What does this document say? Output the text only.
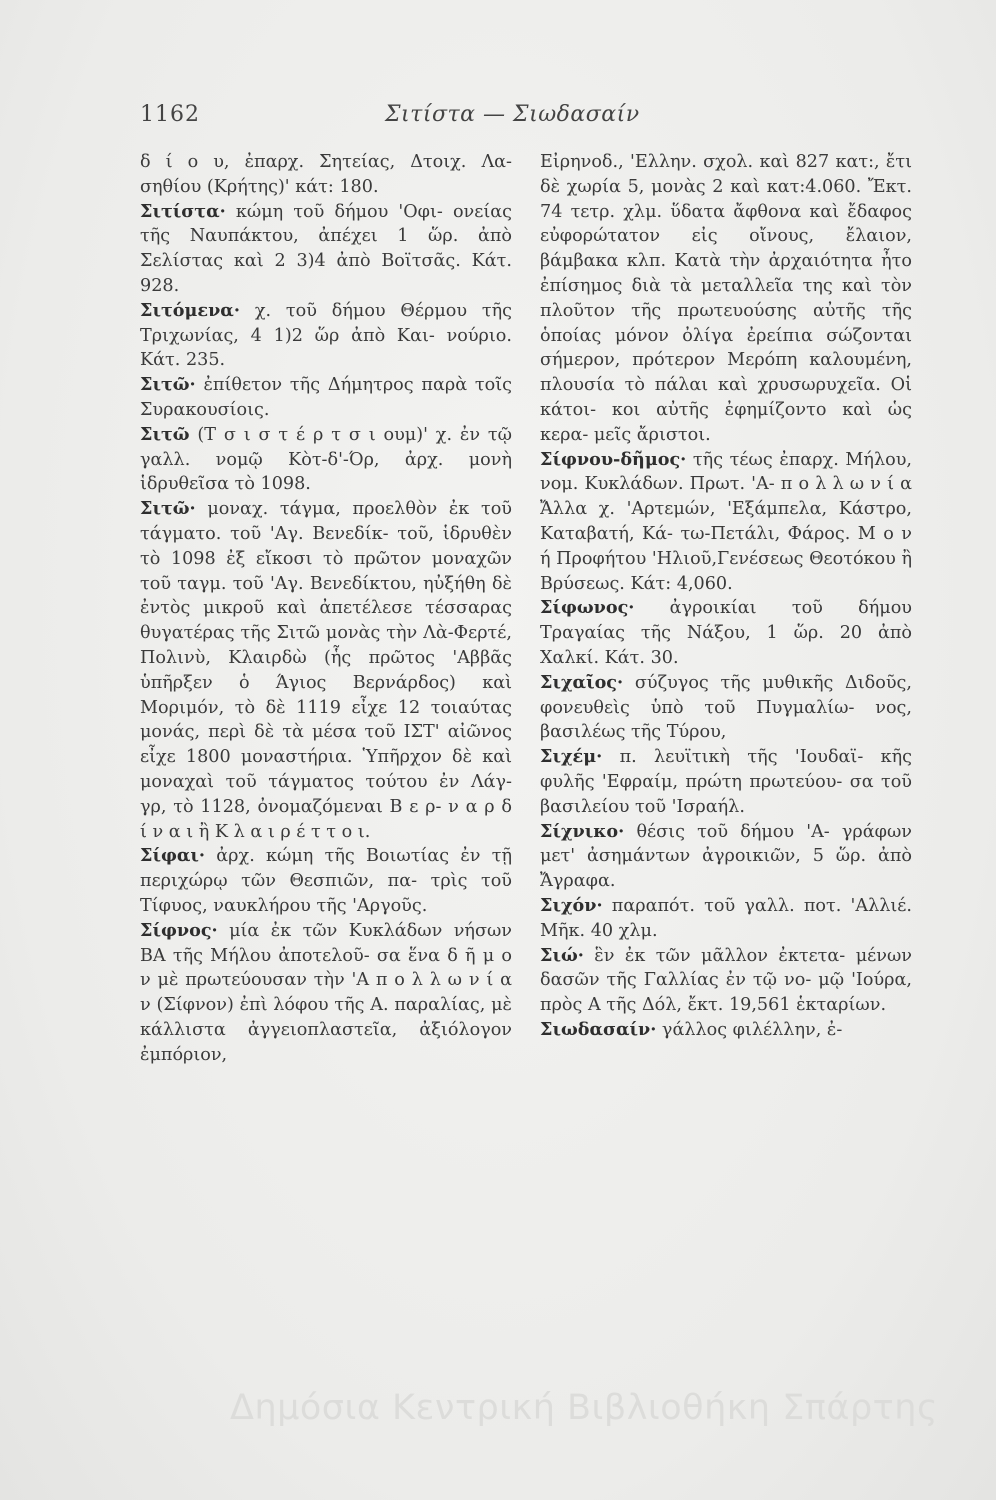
1162	Σιτίστα — Σιωδασαίν

δ ί ο υ, ἐπαρχ. Σητείας, Δτοιχ. Λα- σηθίου (Κρήτης)' κάτ: 180.

Σιτίστα· κώμη τοῦ δήμου 'Οφι- ονείας τῆς Ναυπάκτου, ἀπέχει 1 ὥρ. ἀπὸ Σελίστας καὶ 2 3)4 ἀπὸ Βοϊτσᾶς. Κάτ. 928.

Σιτόμενα· χ. τοῦ δήμου Θέρμου τῆς Τριχωνίας, 4 1)2 ὥρ ἀπὸ Και- νούριο. Κάτ. 235.

Σιτῶ· ἐπίθετον τῆς Δήμητρος παρὰ τοῖς Συρακουσίοις.

Σιτῶ (Τ σ ι σ τ έ ρ τ σ ι ουμ)' χ. ἐν τῷ γαλλ. νομῷ Κὸτ-δ'-Όρ, ἀρχ. μονὴ ἱδρυθεῖσα τὸ 1098.

Σιτῶ· μοναχ. τάγμα, προελθὸν ἐκ τοῦ τάγματο. τοῦ 'Αγ. Βενεδίκ- τοῦ, ἱδρυθὲν τὸ 1098 ἐξ εἴκοσι τὸ πρῶτον μοναχῶν τοῦ ταγμ. τοῦ 'Αγ. Βενεδίκτου, ηὐξήθη δὲ ἐντὸς μικροῦ καὶ ἀπετέλεσε τέσσαρας θυγατέρας τῆς Σιτῶ μονὰς τὴν Λὰ-Φερτέ, Πολινὺ, Κλαιρδὼ (ἧς πρῶτος 'Αββᾶς ὑπῆρξεν ὁ Άγιος Βερνάρδος) καὶ Μοριμόν, τὸ δὲ 1119 εἶχε 12 τοιαύτας μονάς, περὶ δὲ τὰ μέσα τοῦ ΙΣΤ' αἰῶνος εἶχε 1800 μοναστήρια. Ὑπῆρχον δὲ καὶ μοναχαὶ τοῦ τάγματος τούτου ἐν Λάγ- γρ, τὸ 1128, ὀνομαζόμεναι Β ε ρ- ν α ρ δ ί ν α ι ἢ Κ λ α ι ρ έ τ τ ο ι.

Σίφαι· ἀρχ. κώμη τῆς Βοιωτίας ἐν τῇ περιχώρῳ τῶν Θεσπιῶν, πα- τρὶς τοῦ Τίφυος, ναυκλήρου τῆς 'Αργοῦς.

Σίφνος· μία ἐκ τῶν Κυκλάδων νήσων ΒΑ τῆς Μήλου ἀποτελοῦ- σα ἕνα δ ῆ μ ο ν μὲ πρωτεύουσαν τὴν 'Α π ο λ λ ω ν ί α ν (Σίφνον) ἐπὶ λόφου τῆς Α. παραλίας, μὲ κάλλιστα ἀγγειοπλαστεῖα, ἀξιόλογον ἐμπόριον,

Εἰρηνοδ., 'Ελλην. σχολ. καὶ 827 κατ:, ἔτι δὲ χωρία 5, μονὰς 2 καὶ κατ:4.060. Ἔκτ. 74 τετρ. χλμ. ὕδατα ἄφθονα καὶ ἔδαφος εὐφορώτατον εἰς οἴνους, ἔλαιον, βάμβακα κλπ. Κατὰ τὴν ἀρχαιότητα ἦτο ἐπίσημος διὰ τὰ μεταλλεῖα της καὶ τὸν πλοῦτον τῆς πρωτευούσης αὐτῆς τῆς ὁποίας μόνον ὀλίγα ἐρείπια σώζονται σήμερον, πρότερον Μερόπη καλουμένη, πλουσία τὸ πάλαι καὶ χρυσωρυχεῖα. Οἱ κάτοι- κοι αὐτῆς ἐφημίζοντο καὶ ὡς κερα- μεῖς ἄριστοι.

Σίφνου-δῆμος· τῆς τέως ἐπαρχ. Μήλου, νομ. Κυκλάδων. Πρωτ. 'Α- π ο λ λ ω ν ί α Ἄλλα χ. 'Αρτεμών, 'Εξάμπελα, Κάστρο, Καταβατή, Κά- τω-Πετάλι, Φάρος. Μ ο ν ή Προφήτου 'Ηλιοῦ,Γενέσεως Θεοτόκου ἢ Βρύσεως. Κάτ: 4,060.

Σίφωνος· ἀγροικίαι τοῦ δήμου Τραγαίας τῆς Νάξου, 1 ὥρ. 20 ἀπὸ Χαλκί. Κάτ. 30.

Σιχαῖος· σύζυγος τῆς μυθικῆς Διδοῦς, φονευθεὶς ὑπὸ τοῦ Πυγμαλίω- νος, βασιλέως τῆς Τύρου,

Σιχέμ· π. λευϊτικὴ τῆς 'Ιουδαϊ- κῆς φυλῆς 'Εφραίμ, πρώτη πρωτεύου- σα τοῦ βασιλείου τοῦ 'Ισραήλ.

Σίχνικο· θέσις τοῦ δήμου 'Α- γράφων μετ' ἀσημάντων ἀγροικιῶν, 5 ὥρ. ἀπὸ Ἄγραφα.

Σιχόν· παραπότ. τοῦ γαλλ. ποτ. 'Αλλιέ. Μῆκ. 40 χλμ.

Σιώ· ἓν ἐκ τῶν μᾶλλον ἐκτετα- μένων δασῶν τῆς Γαλλίας ἐν τῷ νο- μῷ 'Ιούρα, πρὸς Α τῆς Δόλ, ἔκτ. 19,561 ἑκταρίων.

Σιωδασαίν· γάλλος φιλέλλην, ἐ-

Δημόσια Κεντρική Βιβλιοθήκη Σπάρτης
